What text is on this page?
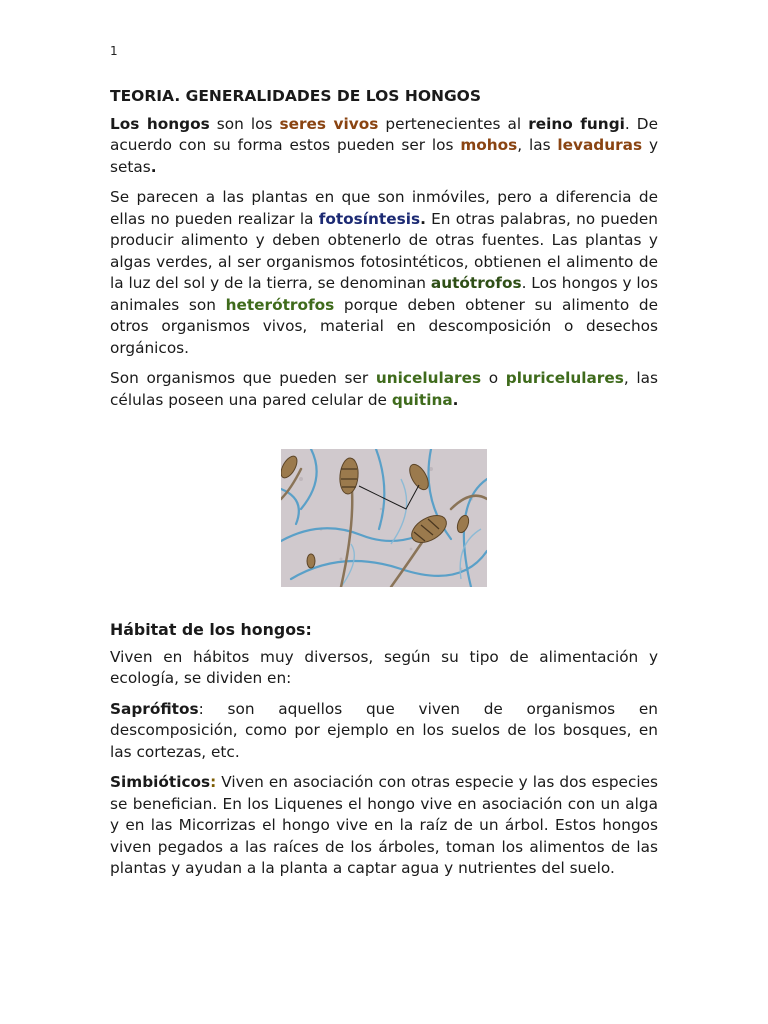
1
TEORIA. GENERALIDADES DE LOS HONGOS

Los hongos son los seres vivos pertenecientes al reino fungi. De acuerdo con su forma estos pueden ser los mohos, las levaduras y setas.

Se parecen a las plantas en que son inmóviles, pero a diferencia de ellas no pueden realizar la fotosíntesis. En otras palabras, no pueden producir alimento y deben obtenerlo de otras fuentes. Las plantas y algas verdes, al ser organismos fotosintéticos, obtienen el alimento de la luz del sol y de la tierra, se denominan autótrofos. Los hongos y los animales son heterótrofos porque deben obtener su alimento de otros organismos vivos, material en descomposición o desechos orgánicos.

Son organismos que pueden ser unicelulares o pluricelulares, las células poseen una pared celular de quitina.

Hábitat de los hongos:

Viven en hábitos muy diversos, según su tipo de alimentación y ecología, se dividen en:

Saprófitos: son aquellos que viven de organismos en descomposición, como por ejemplo en los suelos de los bosques, en las cortezas, etc.

Simbióticos: Viven en asociación con otras especie y las dos especies se benefician. En los Liquenes el hongo vive en asociación con un alga y en las Micorrizas el hongo vive en la raíz de un árbol. Estos hongos viven pegados a las raíces de los árboles, toman los alimentos de las plantas y ayudan a la planta a captar agua y nutrientes del suelo.
